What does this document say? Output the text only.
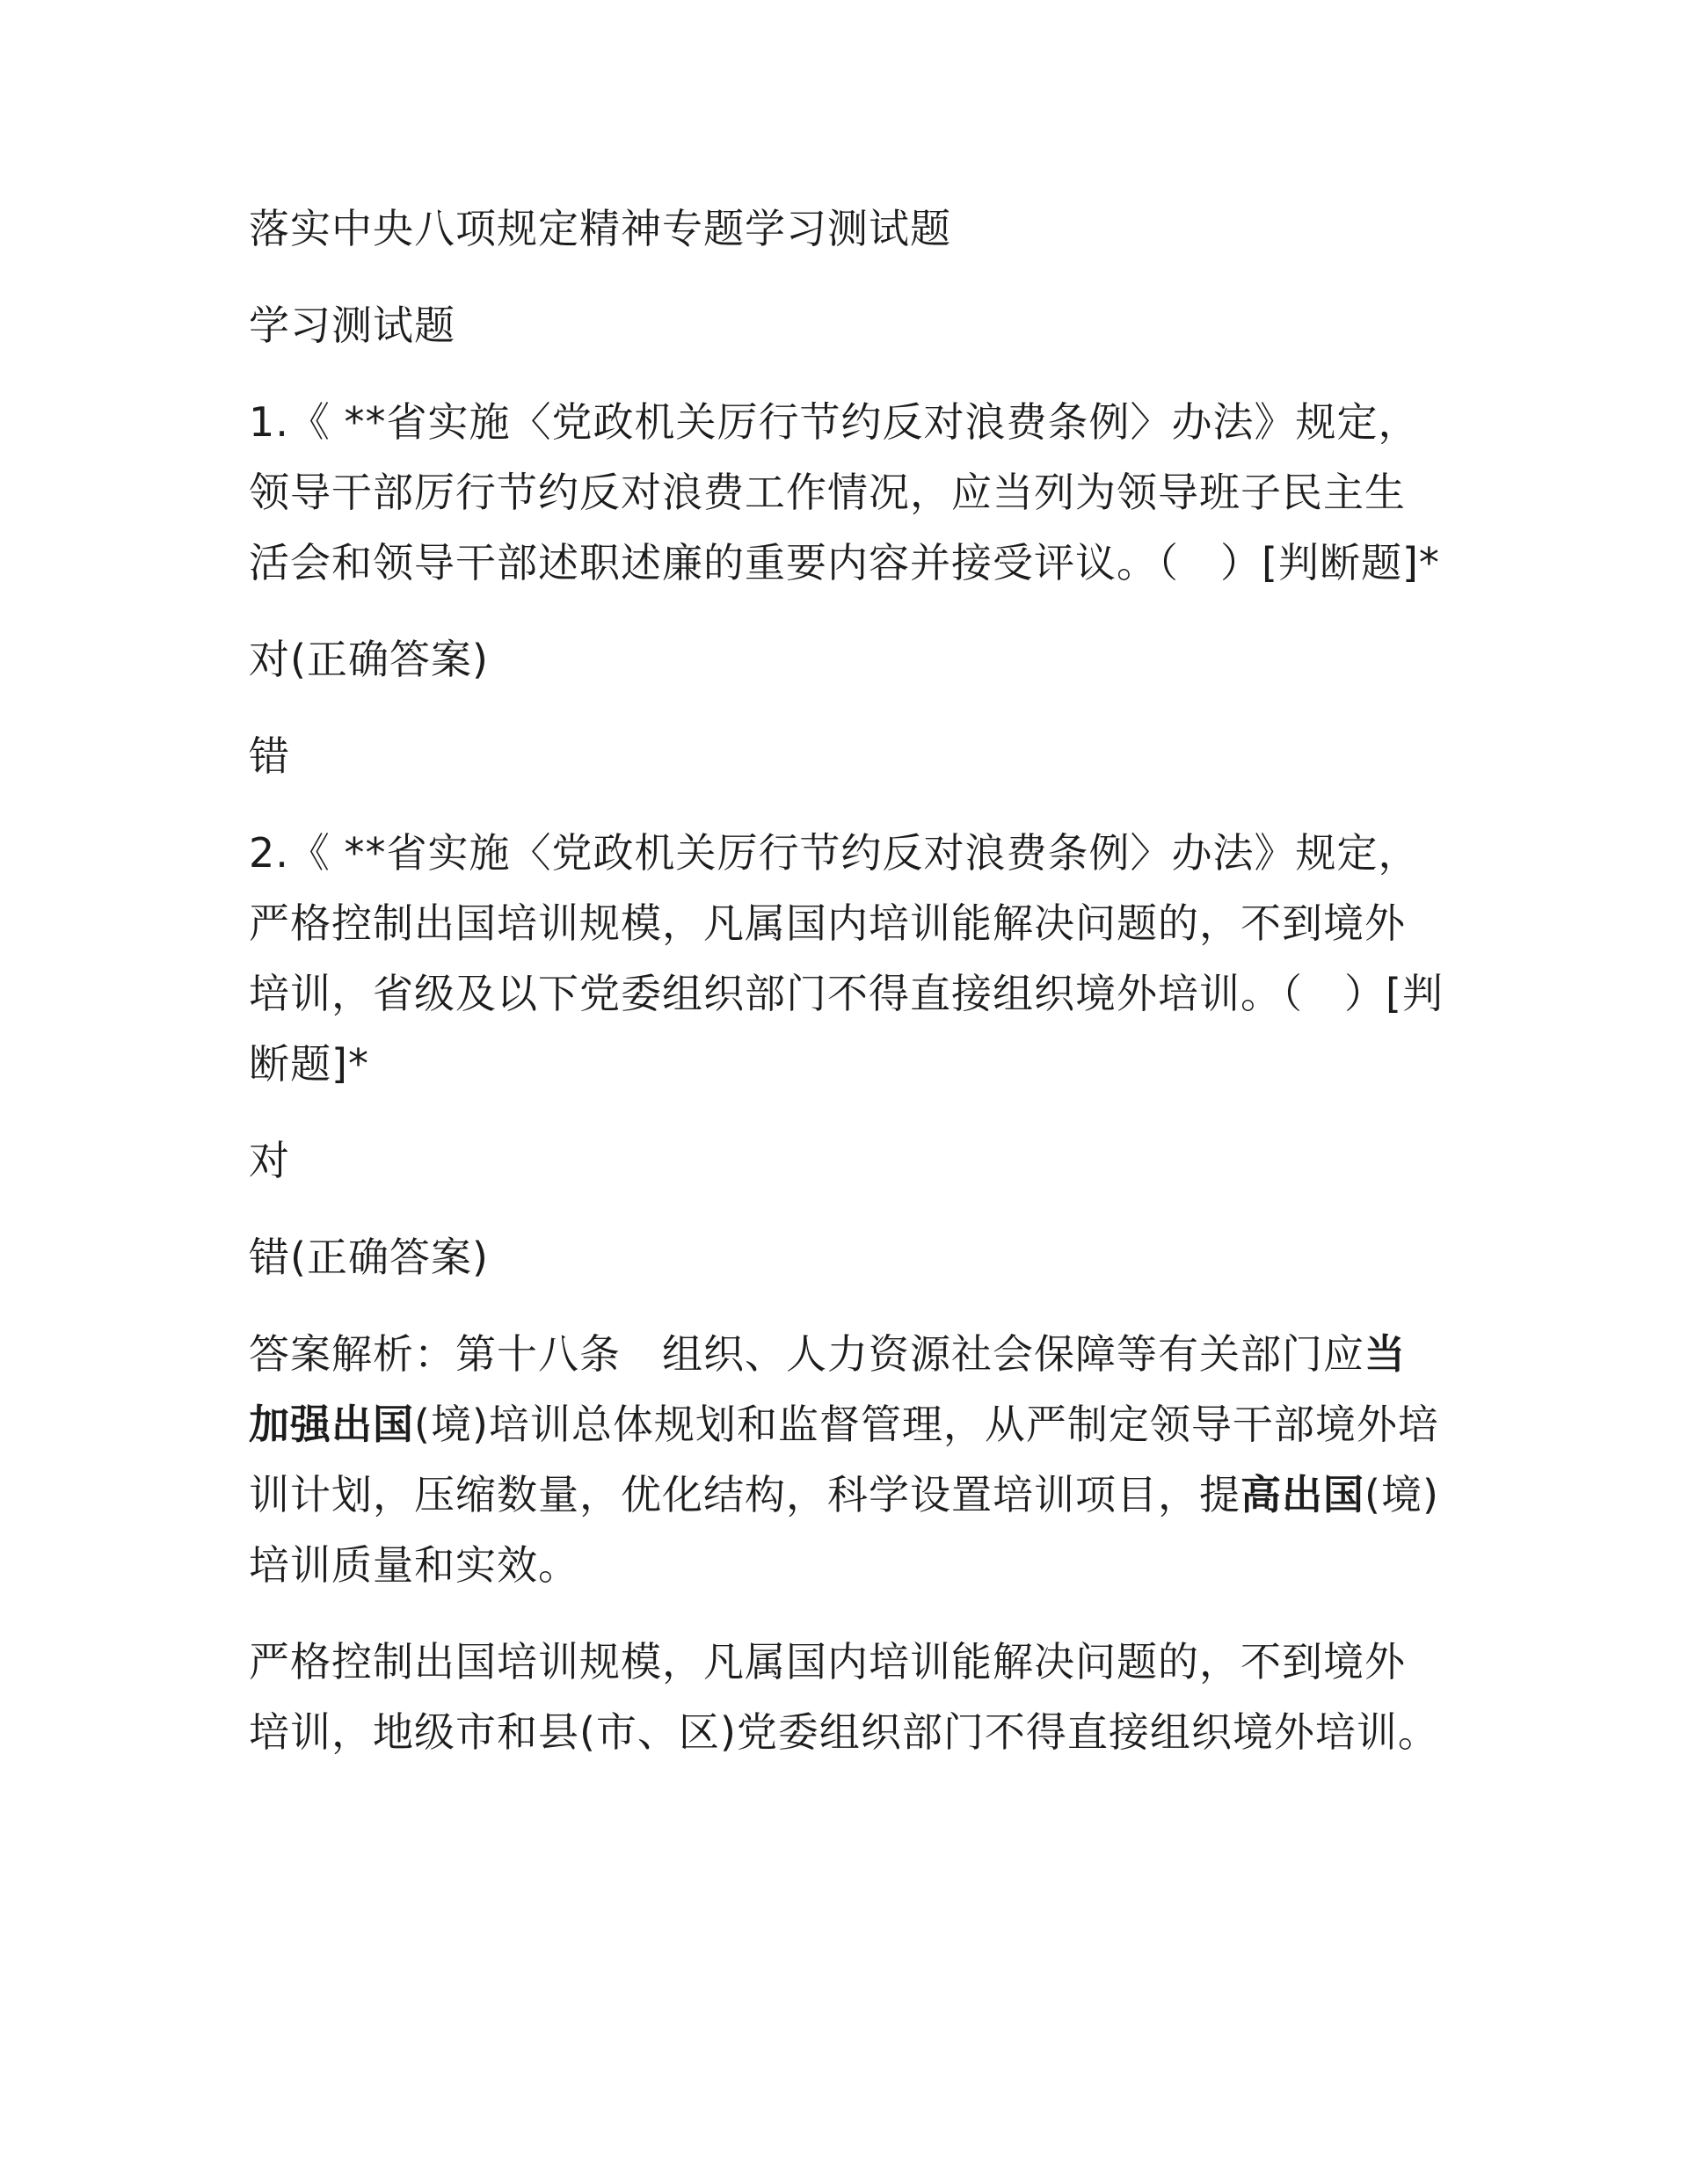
落实中央八项规定精神专题学习测试题

学习测试题

1.《 **省实施〈党政机关厉行节约反对浪费条例〉办法》规定，领导干部厉行节约反对浪费工作情况，应当列为领导班子民主生活会和领导干部述职述廉的重要内容并接受评议。（　）[判断题]*

对(正确答案)

错

2.《 **省实施〈党政机关厉行节约反对浪费条例〉办法》规定，严格控制出国培训规模，凡属国内培训能解决问题的，不到境外培训，省级及以下党委组织部门不得直接组织境外培训。（　）[判断题]*

对

错(正确答案)

答案解析：第十八条　组织、人力资源社会保障等有关部门应当加强出国(境)培训总体规划和监督管理，从严制定领导干部境外培训计划，压缩数量，优化结构，科学设置培训项目，提高出国(境)培训质量和实效。

严格控制出国培训规模，凡属国内培训能解决问题的，不到境外培训，地级市和县(市、区)党委组织部门不得直接组织境外培训。
